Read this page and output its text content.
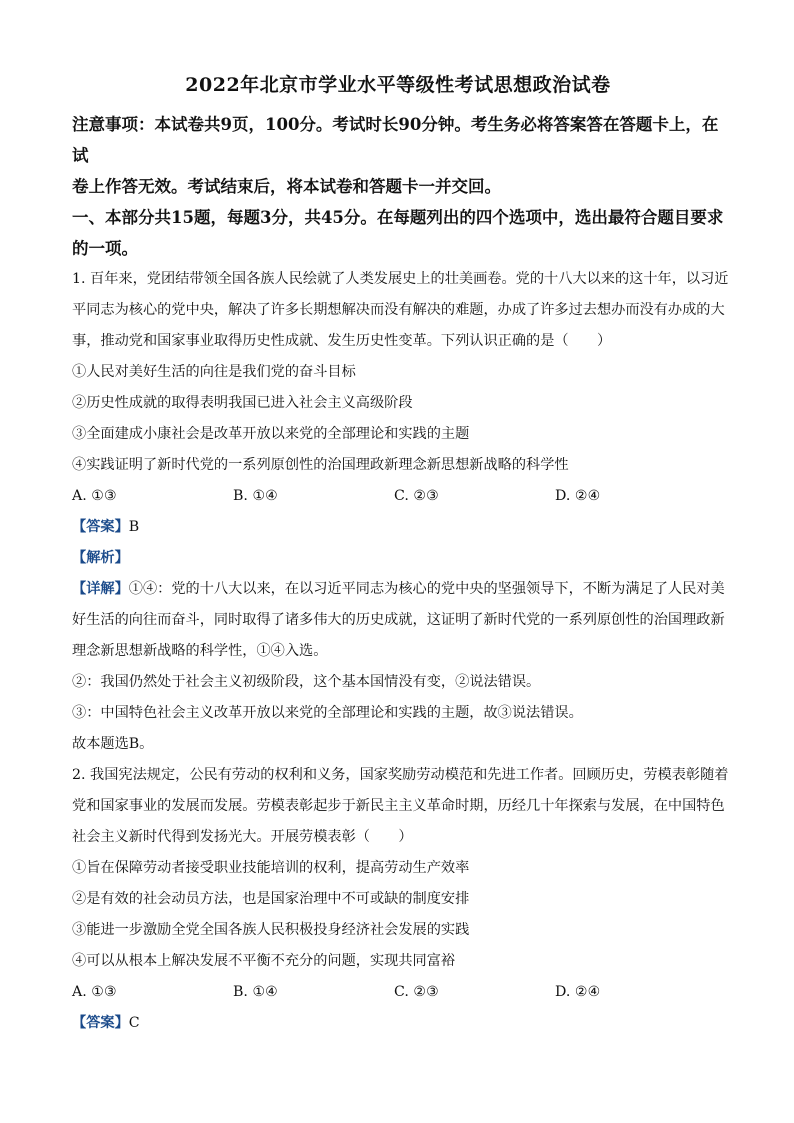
2022年北京市学业水平等级性考试思想政治试卷

注意事项：本试卷共9页，100分。考试时长90分钟。考生务必将答案答在答题卡上，在试

卷上作答无效。考试结束后，将本试卷和答题卡一并交回。

一、本部分共15题，每题3分，共45分。在每题列出的四个选项中，选出最符合题目要求

的一项。

1. 百年来，党团结带领全国各族人民绘就了人类发展史上的壮美画卷。党的十八大以来的这十年，以习近

平同志为核心的党中央，解决了许多长期想解决而没有解决的难题，办成了许多过去想办而没有办成的大

事，推动党和国家事业取得历史性成就、发生历史性变革。下列认识正确的是（　　）

①人民对美好生活的向往是我们党的奋斗目标

②历史性成就的取得表明我国已进入社会主义高级阶段

③全面建成小康社会是改革开放以来党的全部理论和实践的主题

④实践证明了新时代党的一系列原创性的治国理政新理念新思想新战略的科学性

A. ①③	B. ①④	C. ②③	D. ②④

【答案】B

【解析】

【详解】①④：党的十八大以来，在以习近平同志为核心的党中央的坚强领导下，不断为满足了人民对美

好生活的向往而奋斗，同时取得了诸多伟大的历史成就，这证明了新时代党的一系列原创性的治国理政新

理念新思想新战略的科学性，①④入选。

②：我国仍然处于社会主义初级阶段，这个基本国情没有变，②说法错误。

③：中国特色社会主义改革开放以来党的全部理论和实践的主题，故③说法错误。

故本题选B。

2. 我国宪法规定，公民有劳动的权利和义务，国家奖励劳动模范和先进工作者。回顾历史，劳模表彰随着

党和国家事业的发展而发展。劳模表彰起步于新民主主义革命时期，历经几十年探索与发展，在中国特色

社会主义新时代得到发扬光大。开展劳模表彰（　　）

①旨在保障劳动者接受职业技能培训的权利，提高劳动生产效率

②是有效的社会动员方法，也是国家治理中不可或缺的制度安排

③能进一步激励全党全国各族人民积极投身经济社会发展的实践

④可以从根本上解决发展不平衡不充分的问题，实现共同富裕

A. ①③	B. ①④	C. ②③	D. ②④

【答案】C
